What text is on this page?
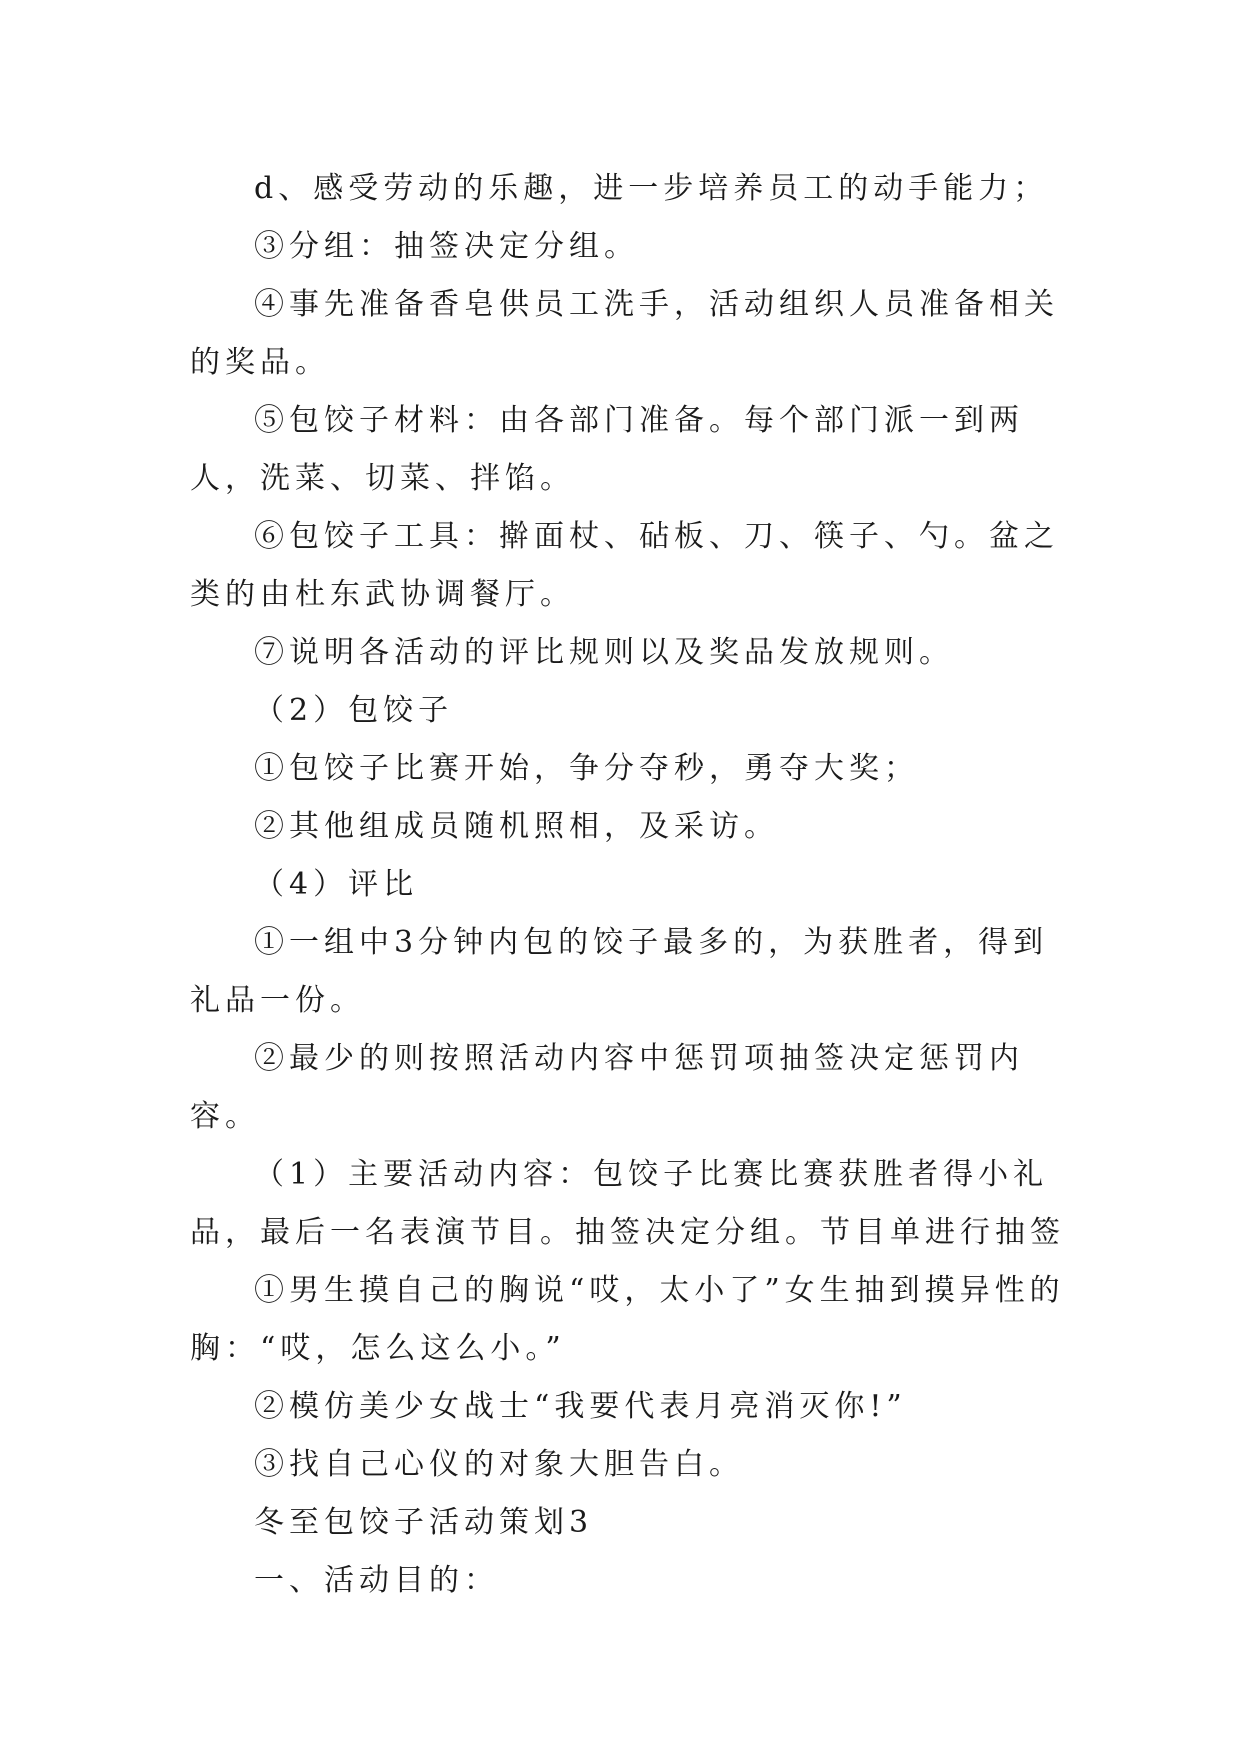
d、感受劳动的乐趣，进一步培养员工的动手能力；

③分组：抽签决定分组。

④事先准备香皂供员工洗手，活动组织人员准备相关的奖品。

⑤包饺子材料：由各部门准备。每个部门派一到两人，洗菜、切菜、拌馅。

⑥包饺子工具：擀面杖、砧板、刀、筷子、勺。盆之类的由杜东武协调餐厅。

⑦说明各活动的评比规则以及奖品发放规则。

（2）包饺子

①包饺子比赛开始，争分夺秒，勇夺大奖；

②其他组成员随机照相，及采访。

（4）评比

①一组中3分钟内包的饺子最多的，为获胜者，得到礼品一份。

②最少的则按照活动内容中惩罚项抽签决定惩罚内容。

（1）主要活动内容：包饺子比赛比赛获胜者得小礼品，最后一名表演节目。抽签决定分组。节目单进行抽签

①男生摸自己的胸说“哎，太小了”女生抽到摸异性的胸：“哎，怎么这么小。”

②模仿美少女战士“我要代表月亮消灭你!”

③找自己心仪的对象大胆告白。

冬至包饺子活动策划3

一、活动目的：
